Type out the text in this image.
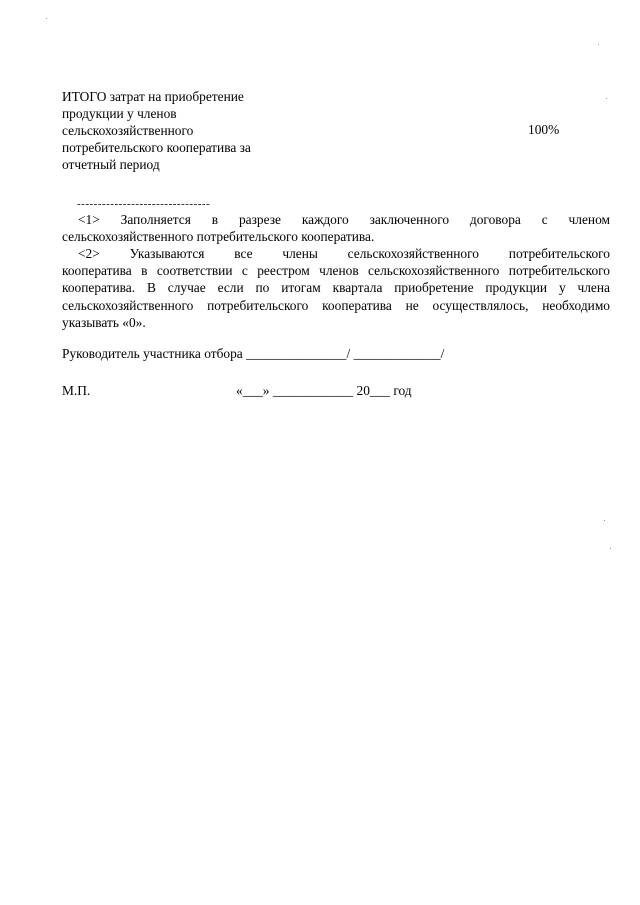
ИТОГО затрат на приобретение продукции у членов сельскохозяйственного потребительского кооператива за отчетный период
100%
--------------------------------

<1> Заполняется в разрезе каждого заключенного договора с членом

сельскохозяйственного потребительского кооператива.

<2> Указываются все члены сельскохозяйственного потребительского

кооператива в соответствии с реестром членов сельскохозяйственного потребительского кооператива. В случае если по итогам квартала приобретение продукции у члена сельскохозяйственного потребительского кооператива не осуществлялось, необходимо указывать «0».

Руководитель участника отбора _______________/ _____________/
М.П.	«___» ____________ 20___ год
